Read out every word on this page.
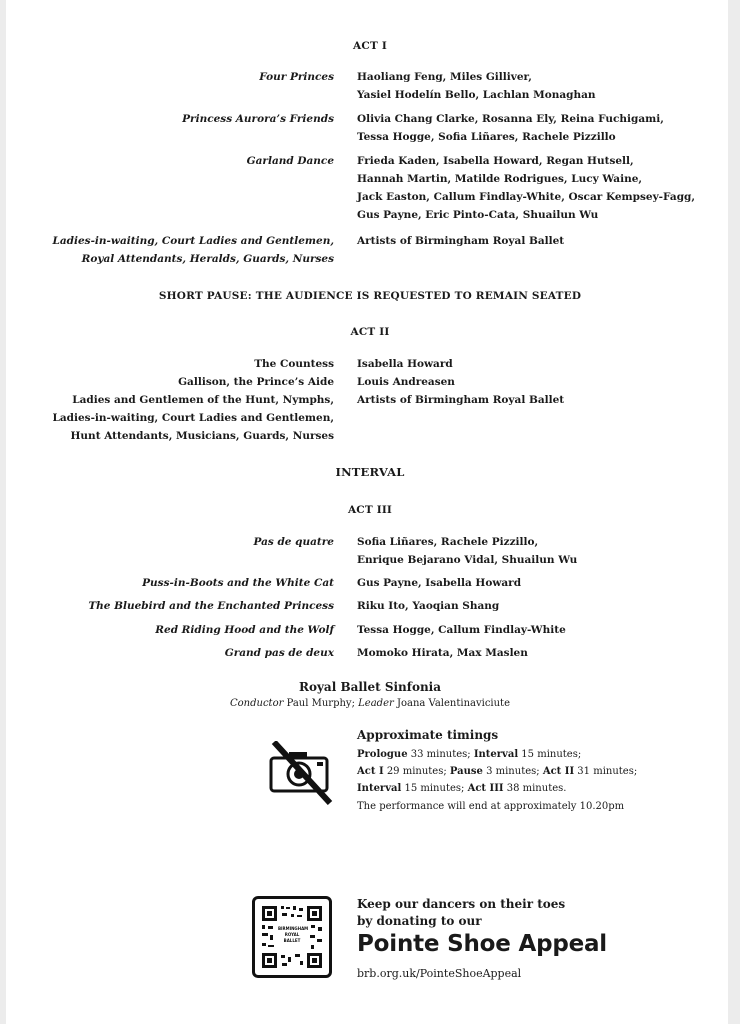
ACT I
Four Princes Haoliang Feng, Miles Gilliver,
Yasiel Hodelín Bello, Lachlan Monaghan
Princess Aurora’s Friends Olivia Chang Clarke, Rosanna Ely, Reina Fuchigami,
Tessa Hogge, Sofia Liñares, Rachele Pizzillo
Garland Dance Frieda Kaden, Isabella Howard, Regan Hutsell,
Hannah Martin, Matilde Rodrigues, Lucy Waine,
Jack Easton, Callum Findlay-White, Oscar Kempsey-Fagg,
Gus Payne, Eric Pinto-Cata, Shuailun Wu
Ladies-in-waiting, Court Ladies and Gentlemen,
Royal Attendants, Heralds, Guards, Nurses
Artists of Birmingham Royal Ballet
SHORT PAUSE: THE AUDIENCE IS REQUESTED TO REMAIN SEATED
ACT II
The Countess
Gallison, the Prince’s Aide
Ladies and Gentlemen of the Hunt, Nymphs,
Ladies-in-waiting, Court Ladies and Gentlemen,
Hunt Attendants, Musicians, Guards, Nurses
Isabella Howard
Louis Andreasen
Artists of Birmingham Royal Ballet
INTERVAL
ACT III
Pas de quatre Sofia Liñares, Rachele Pizzillo,
Enrique Bejarano Vidal, Shuailun Wu
Puss-in-Boots and the White Cat Gus Payne, Isabella Howard
The Bluebird and the Enchanted Princess Riku Ito, Yaoqian Shang
Red Riding Hood and the Wolf Tessa Hogge, Callum Findlay-White
Grand pas de deux Momoko Hirata, Max Maslen
Royal Ballet Sinfonia
Conductor Paul Murphy; Leader Joana Valentinaviciute
Approximate timings
Prologue 33 minutes; Interval 15 minutes;
Act I 29 minutes; Pause 3 minutes; Act II 31 minutes;
Interval 15 minutes; Act III 38 minutes.
The performance will end at approximately 10.20pm
BIRMINGHAM
ROYAL BALLET
Keep our dancers on their toes
by donating to our
Pointe Shoe Appeal
brb.org.uk/PointeShoeAppeal
